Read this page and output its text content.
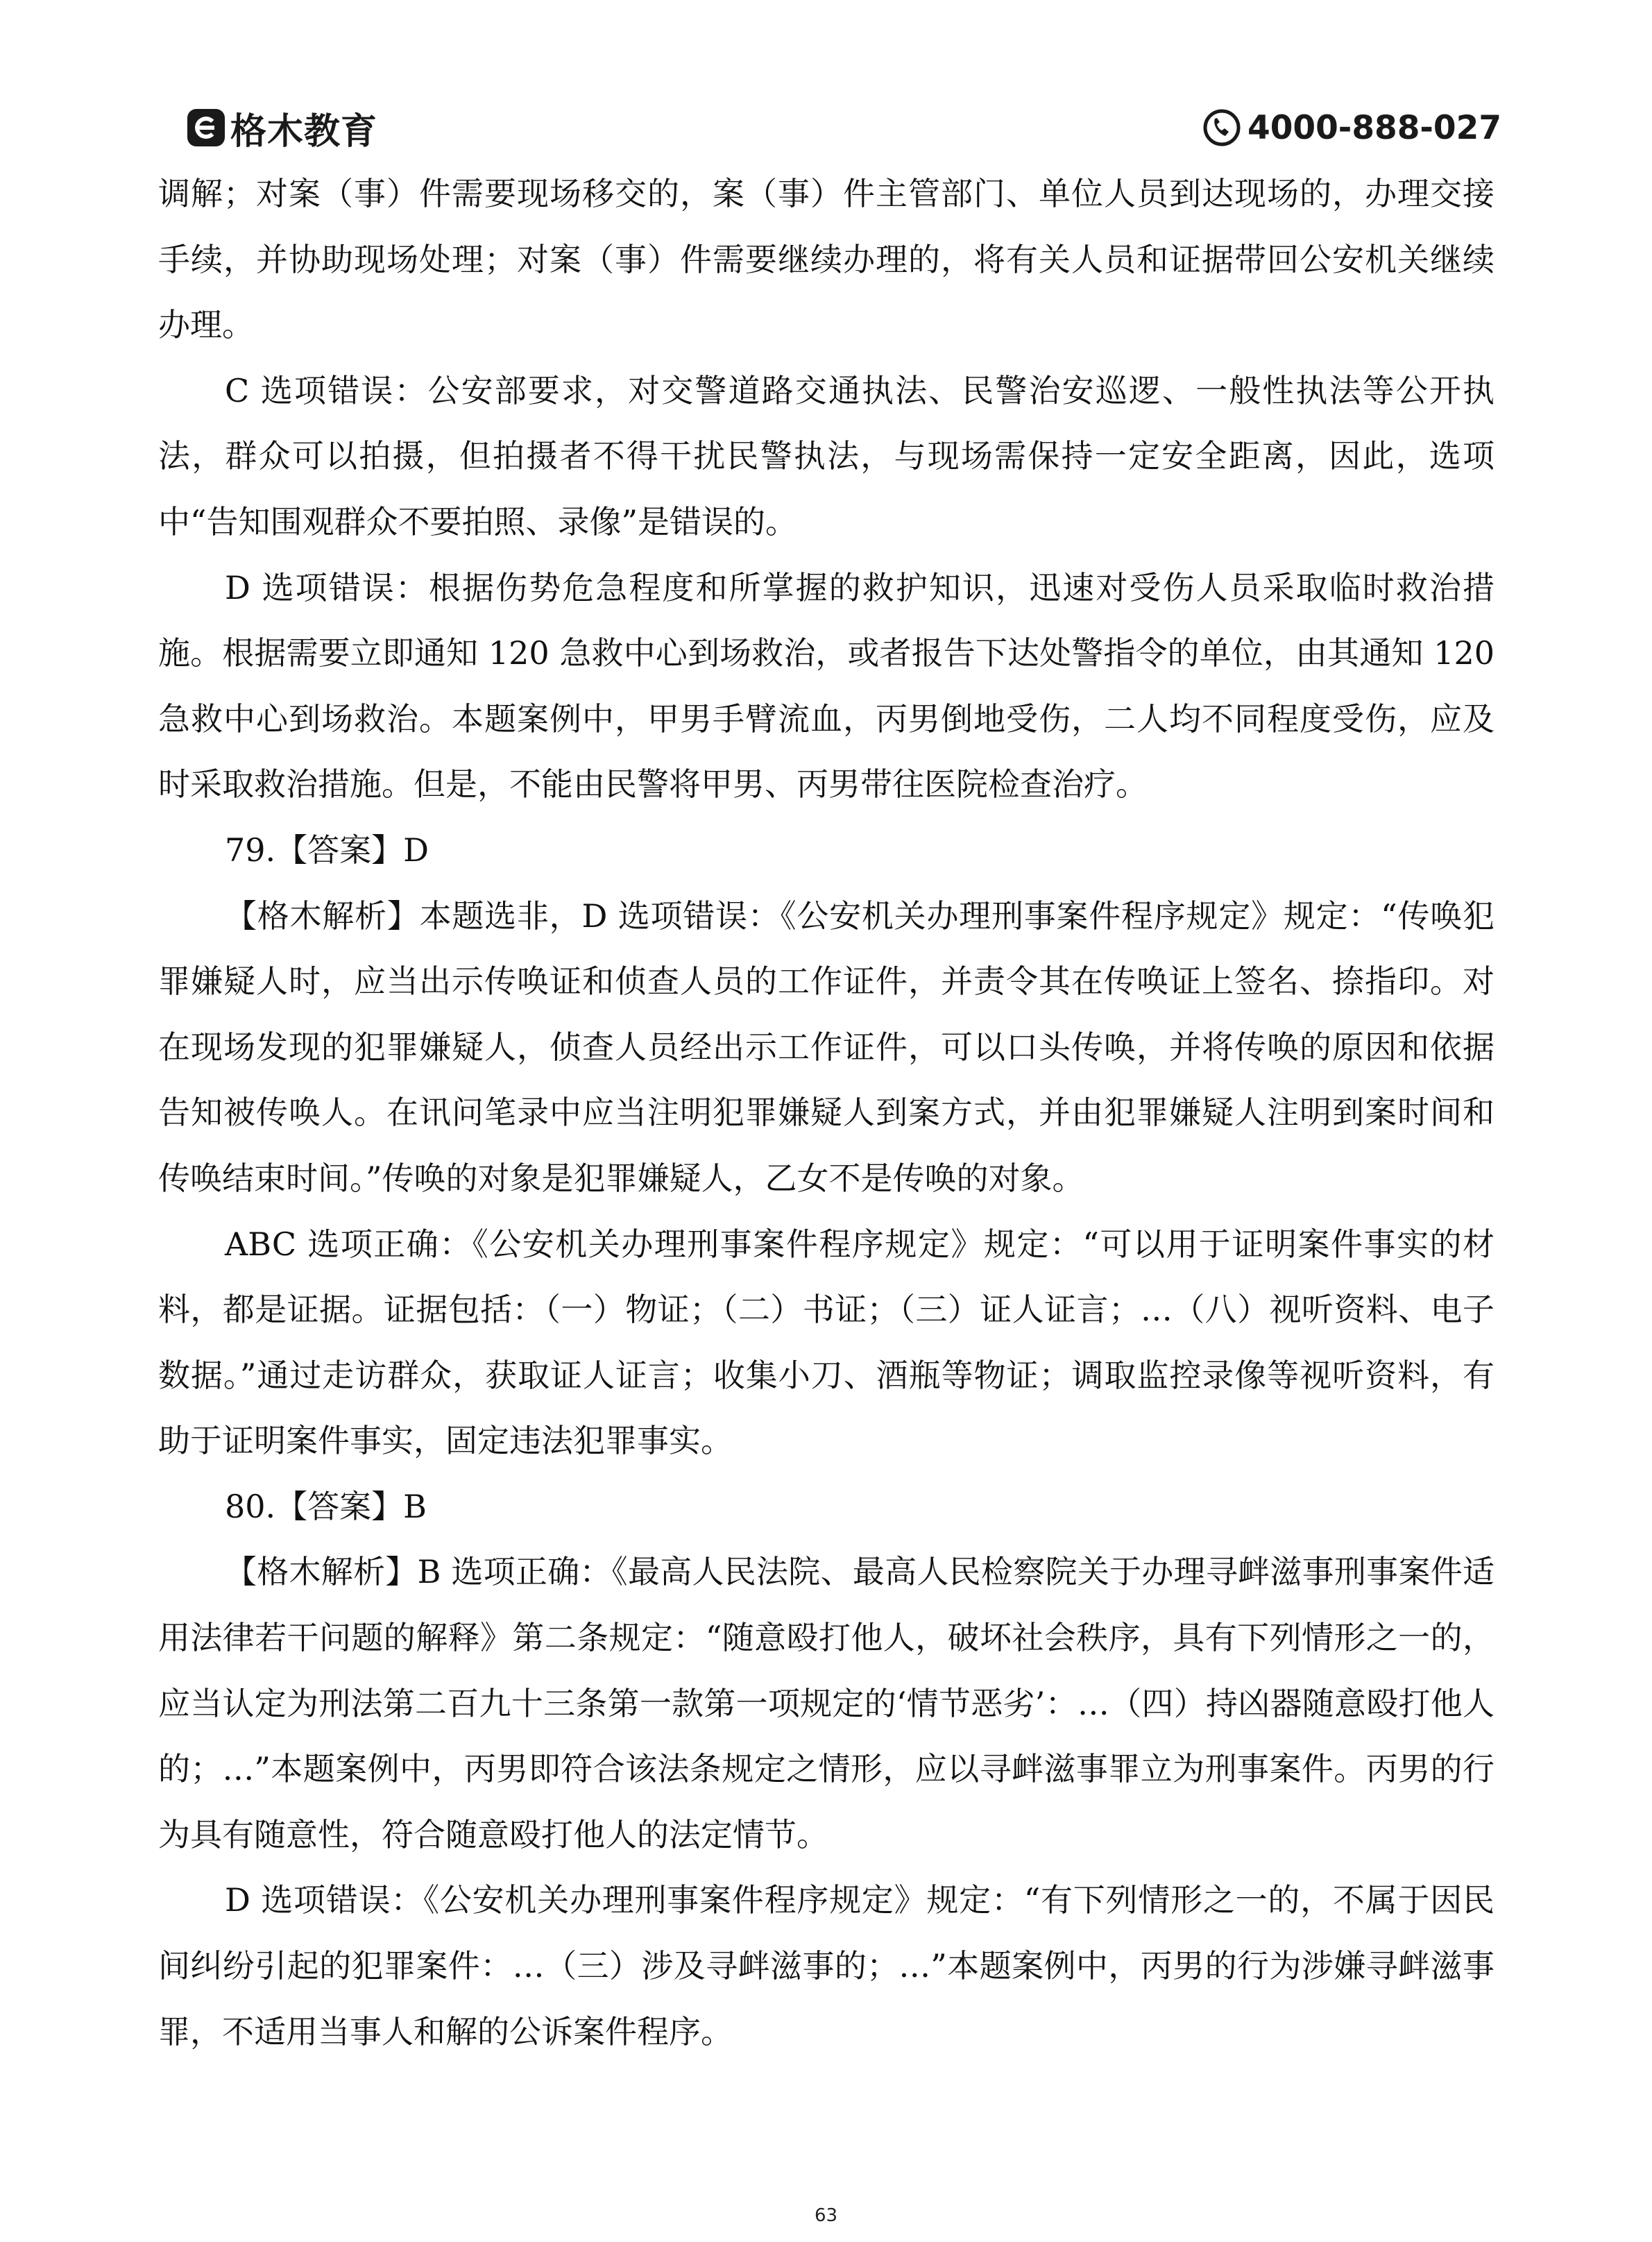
格木教育	4000-888-027

调解；对案（事）件需要现场移交的，案（事）件主管部门、单位人员到达现场的，办理交接手续，并协助现场处理；对案（事）件需要继续办理的，将有关人员和证据带回公安机关继续办理。

C 选项错误：公安部要求，对交警道路交通执法、民警治安巡逻、一般性执法等公开执法，群众可以拍摄，但拍摄者不得干扰民警执法，与现场需保持一定安全距离，因此，选项中“告知围观群众不要拍照、录像”是错误的。

D 选项错误：根据伤势危急程度和所掌握的救护知识，迅速对受伤人员采取临时救治措施。根据需要立即通知 120 急救中心到场救治，或者报告下达处警指令的单位，由其通知 120 急救中心到场救治。本题案例中，甲男手臂流血，丙男倒地受伤，二人均不同程度受伤，应及时采取救治措施。但是，不能由民警将甲男、丙男带往医院检查治疗。

79.【答案】D

【格木解析】本题选非，D 选项错误：《公安机关办理刑事案件程序规定》规定：“传唤犯罪嫌疑人时，应当出示传唤证和侦查人员的工作证件，并责令其在传唤证上签名、捺指印。对在现场发现的犯罪嫌疑人，侦查人员经出示工作证件，可以口头传唤，并将传唤的原因和依据告知被传唤人。在讯问笔录中应当注明犯罪嫌疑人到案方式，并由犯罪嫌疑人注明到案时间和传唤结束时间。”传唤的对象是犯罪嫌疑人，乙女不是传唤的对象。

ABC 选项正确：《公安机关办理刑事案件程序规定》规定：“可以用于证明案件事实的材料，都是证据。证据包括：（一）物证；（二）书证；（三）证人证言；…（八）视听资料、电子数据。”通过走访群众，获取证人证言；收集小刀、酒瓶等物证；调取监控录像等视听资料，有助于证明案件事实，固定违法犯罪事实。

80.【答案】B

【格木解析】B 选项正确：《最高人民法院、最高人民检察院关于办理寻衅滋事刑事案件适用法律若干问题的解释》第二条规定：“随意殴打他人，破坏社会秩序，具有下列情形之一的，应当认定为刑法第二百九十三条第一款第一项规定的‘情节恶劣’：…（四）持凶器随意殴打他人的；…”本题案例中，丙男即符合该法条规定之情形，应以寻衅滋事罪立为刑事案件。丙男的行为具有随意性，符合随意殴打他人的法定情节。

D 选项错误：《公安机关办理刑事案件程序规定》规定：“有下列情形之一的，不属于因民间纠纷引起的犯罪案件：…（三）涉及寻衅滋事的；…”本题案例中，丙男的行为涉嫌寻衅滋事罪，不适用当事人和解的公诉案件程序。

63
